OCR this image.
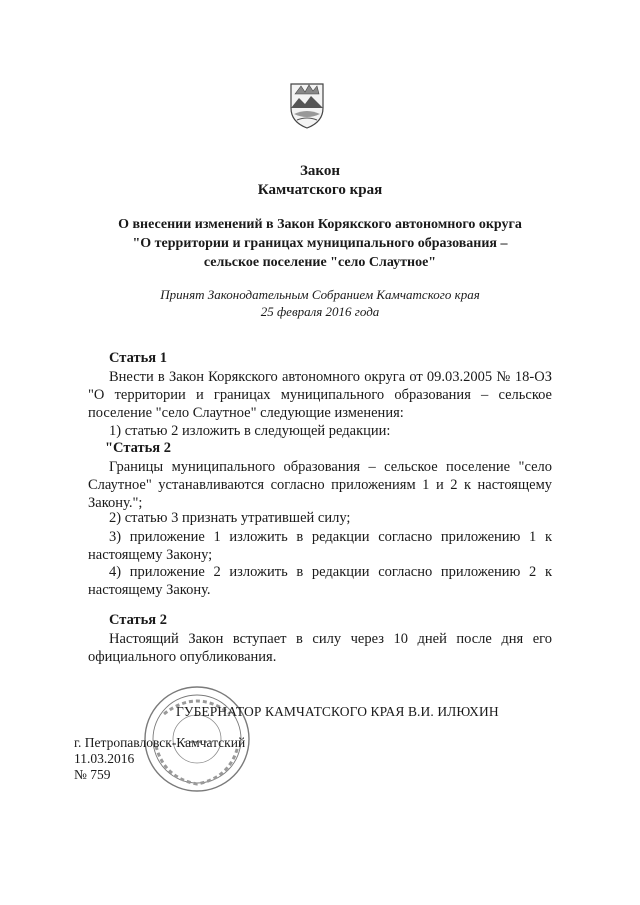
Закон
Камчатского края
О внесении изменений в Закон Корякского автономного округа
"О территории и границах муниципального образования –
сельское поселение "село Слаутное"
Принят Законодательным Собранием Камчатского края
25 февраля 2016 года
Статья 1
Внести в Закон Корякского автономного округа от 09.03.2005 № 18-ОЗ "О территории и границах муниципального образования – сельское поселение "село Слаутное" следующие изменения:
1) статью 2 изложить в следующей редакции:
"Статья 2
Границы муниципального образования – сельское поселение "село Слаутное" устанавливаются согласно приложениям 1 и 2 к настоящему Закону.";
2) статью 3 признать утратившей силу;
3) приложение 1 изложить в редакции согласно приложению 1 к настоящему Закону;
4) приложение 2 изложить в редакции согласно приложению 2 к настоящему Закону.
Статья 2
Настоящий Закон вступает в силу через 10 дней после дня его официального опубликования.
ГУБЕРНАТОР КАМЧАТСКОГО КРАЯ В.И. ИЛЮХИН
г. Петропавловск-Камчатский
11.03.2016
№ 759
